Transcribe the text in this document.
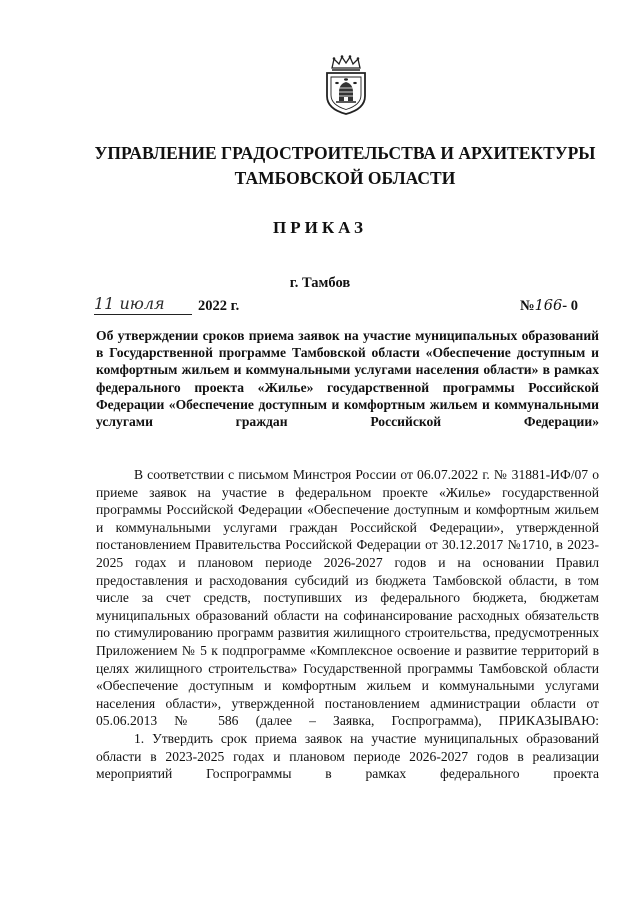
УПРАВЛЕНИЕ ГРАДОСТРОИТЕЛЬСТВА И АРХИТЕКТУРЫ
ТАМБОВСКОЙ ОБЛАСТИ
ПРИКАЗ
г. Тамбов
11 июля 2022 г.	№166- 0
Об утверждении сроков приема заявок на участие муниципальных образований в Государственной программе Тамбовской области «Обеспечение доступным и комфортным жильем и коммунальными услугами населения области» в рамках федерального проекта «Жилье» государственной программы Российской Федерации «Обеспечение доступным и комфортным жильем и коммунальными услугами граждан Российской Федерации»

В соответствии с письмом Минстроя России от 06.07.2022 г. № 31881-ИФ/07 о приеме заявок на участие в федеральном проекте «Жилье» государственной программы Российской Федерации «Обеспечение доступным и комфортным жильем и коммунальными услугами граждан Российской Федерации», утвержденной постановлением Правительства Российской Федерации от 30.12.2017 №1710, в 2023-2025 годах и плановом периоде 2026-2027 годов и на основании Правил предоставления и расходования субсидий из бюджета Тамбовской области, в том числе за счет средств, поступивших из федерального бюджета, бюджетам муниципальных образований области на софинансирование расходных обязательств по стимулированию программ развития жилищного строительства, предусмотренных Приложением № 5 к подпрограмме «Комплексное освоение и развитие территорий в целях жилищного строительства» Государственной программы Тамбовской области «Обеспечение доступным и комфортным жильем и коммунальными услугами населения области», утвержденной постановлением администрации области от 05.06.2013 № 586 (далее – Заявка, Госпрограмма), ПРИКАЗЫВАЮ:

1. Утвердить срок приема заявок на участие муниципальных образований области в 2023-2025 годах и плановом периоде 2026-2027 годов в реализации мероприятий Госпрограммы в рамках федерального проекта
